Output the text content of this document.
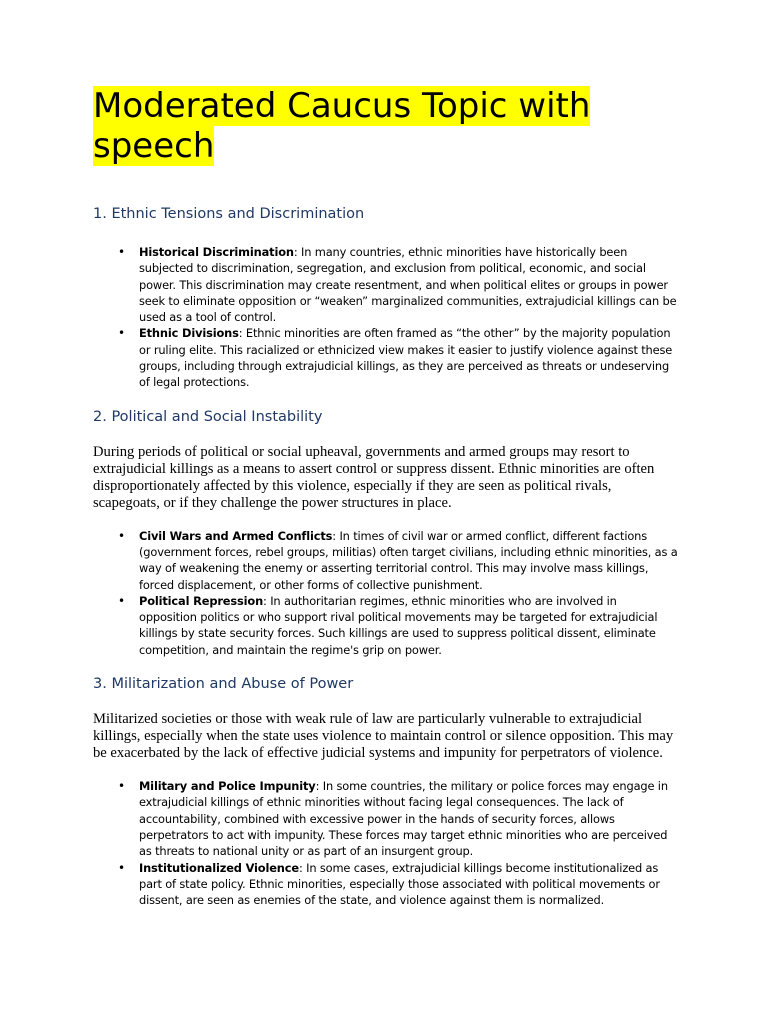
Moderated Caucus Topic with speech
1. Ethnic Tensions and Discrimination
• Historical Discrimination: In many countries, ethnic minorities have historically been subjected to discrimination, segregation, and exclusion from political, economic, and social power. This discrimination may create resentment, and when political elites or groups in power seek to eliminate opposition or “weaken” marginalized communities, extrajudicial killings can be used as a tool of control.
• Ethnic Divisions: Ethnic minorities are often framed as “the other” by the majority population or ruling elite. This racialized or ethnicized view makes it easier to justify violence against these groups, including through extrajudicial killings, as they are perceived as threats or undeserving of legal protections.
2. Political and Social Instability

During periods of political or social upheaval, governments and armed groups may resort to extrajudicial killings as a means to assert control or suppress dissent. Ethnic minorities are often disproportionately affected by this violence, especially if they are seen as political rivals, scapegoats, or if they challenge the power structures in place.

• Civil Wars and Armed Conflicts: In times of civil war or armed conflict, different factions (government forces, rebel groups, militias) often target civilians, including ethnic minorities, as a way of weakening the enemy or asserting territorial control. This may involve mass killings, forced displacement, or other forms of collective punishment.
• Political Repression: In authoritarian regimes, ethnic minorities who are involved in opposition politics or who support rival political movements may be targeted for extrajudicial killings by state security forces. Such killings are used to suppress political dissent, eliminate competition, and maintain the regime's grip on power.
3. Militarization and Abuse of Power

Militarized societies or those with weak rule of law are particularly vulnerable to extrajudicial killings, especially when the state uses violence to maintain control or silence opposition. This may be exacerbated by the lack of effective judicial systems and impunity for perpetrators of violence.

• Military and Police Impunity: In some countries, the military or police forces may engage in extrajudicial killings of ethnic minorities without facing legal consequences. The lack of accountability, combined with excessive power in the hands of security forces, allows perpetrators to act with impunity. These forces may target ethnic minorities who are perceived as threats to national unity or as part of an insurgent group.
• Institutionalized Violence: In some cases, extrajudicial killings become institutionalized as part of state policy. Ethnic minorities, especially those associated with political movements or dissent, are seen as enemies of the state, and violence against them is normalized.
